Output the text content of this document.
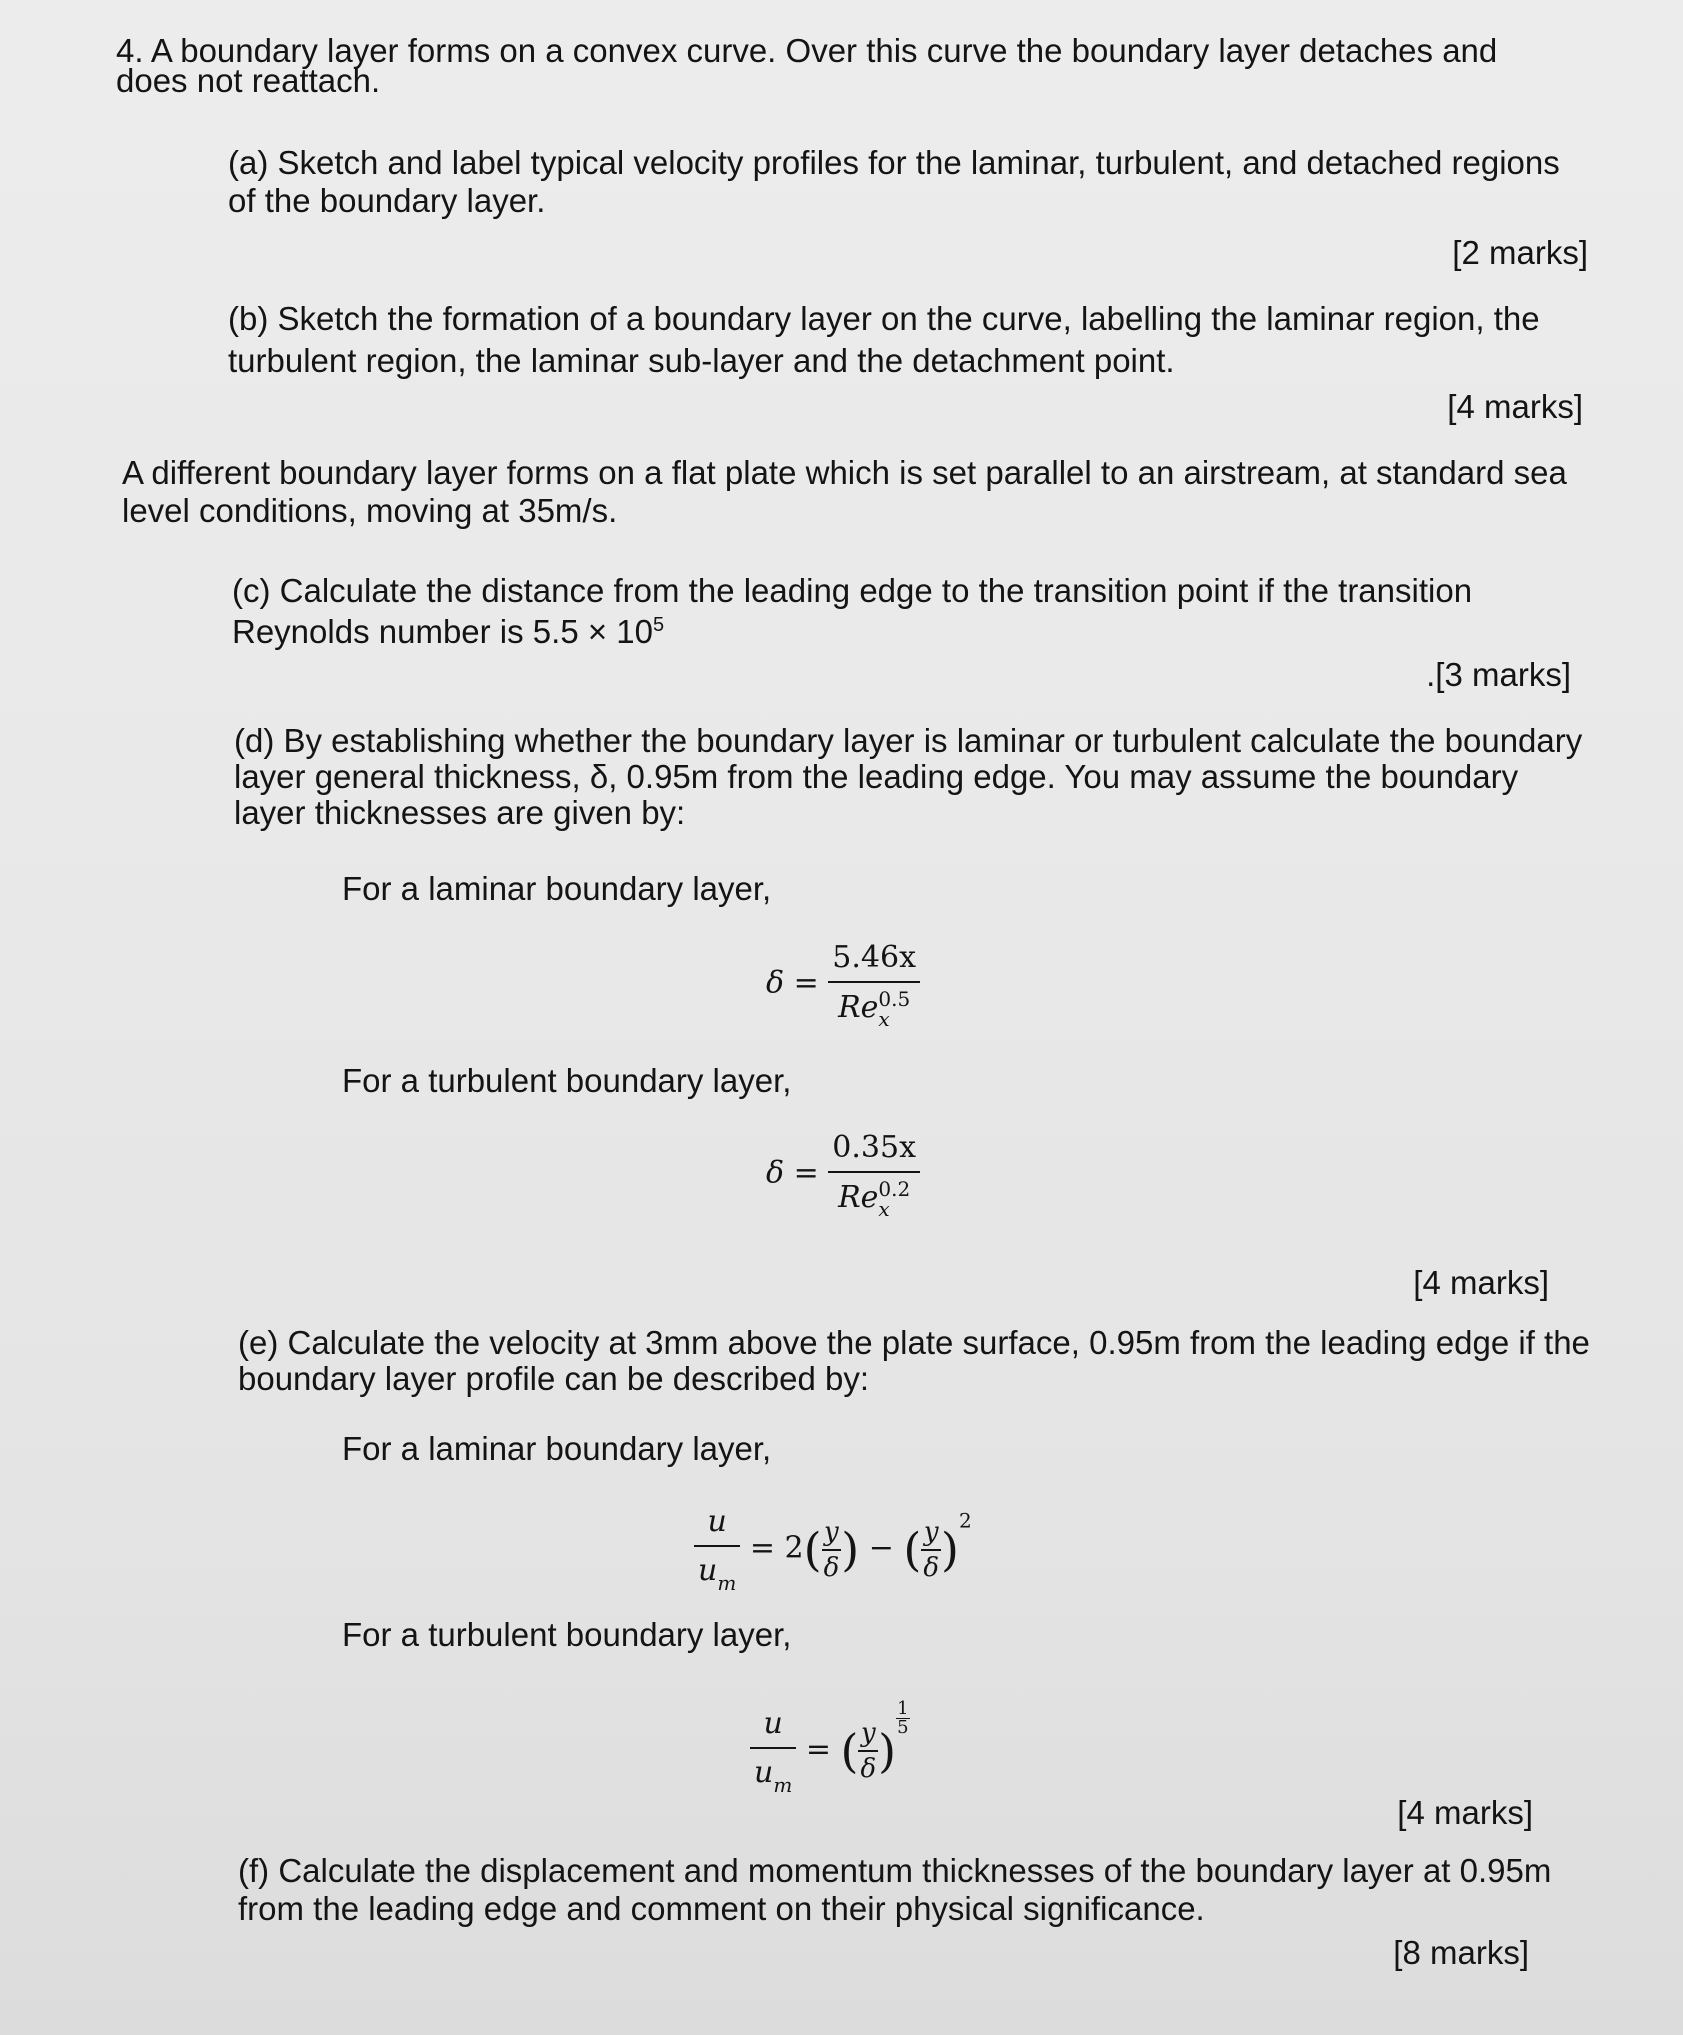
4. A boundary layer forms on a convex curve. Over this curve the boundary layer detaches and

does not reattach.

(a) Sketch and label typical velocity profiles for the laminar, turbulent, and detached regions

of the boundary layer.

[2 marks]

(b) Sketch the formation of a boundary layer on the curve, labelling the laminar region, the

turbulent region, the laminar sub-layer and the detachment point.

[4 marks]

A different boundary layer forms on a flat plate which is set parallel to an airstream, at standard sea

level conditions, moving at 35m/s.

(c) Calculate the distance from the leading edge to the transition point if the transition

Reynolds number is $5.5 \times 10^5$

.[3 marks]

(d) By establishing whether the boundary layer is laminar or turbulent calculate the boundary

layer general thickness, δ, 0.95m from the leading edge. You may assume the boundary

layer thicknesses are given by:

For a laminar boundary layer,

δ = 5.46x
Re 0.5
x

For a turbulent boundary layer,

δ = 0.35x
Re 0.2
x
[4 marks]

(e) Calculate the velocity at 3mm above the plate surface, 0.95m from the leading edge if the

boundary layer profile can be described by:

For a laminar boundary layer,

$\frac{u}{u_m} = 2( \frac{y}{\delta}$ ) − ( $\frac{y}{\delta} )^2$

For a turbulent boundary layer,

$\frac{u}{u_m}$ = ( $\frac{y}{\delta}$ )
$\frac{1}{5}$
[4 marks]

(f) Calculate the displacement and momentum thicknesses of the boundary layer at 0.95m

from the leading edge and comment on their physical significance.

[8 marks]
